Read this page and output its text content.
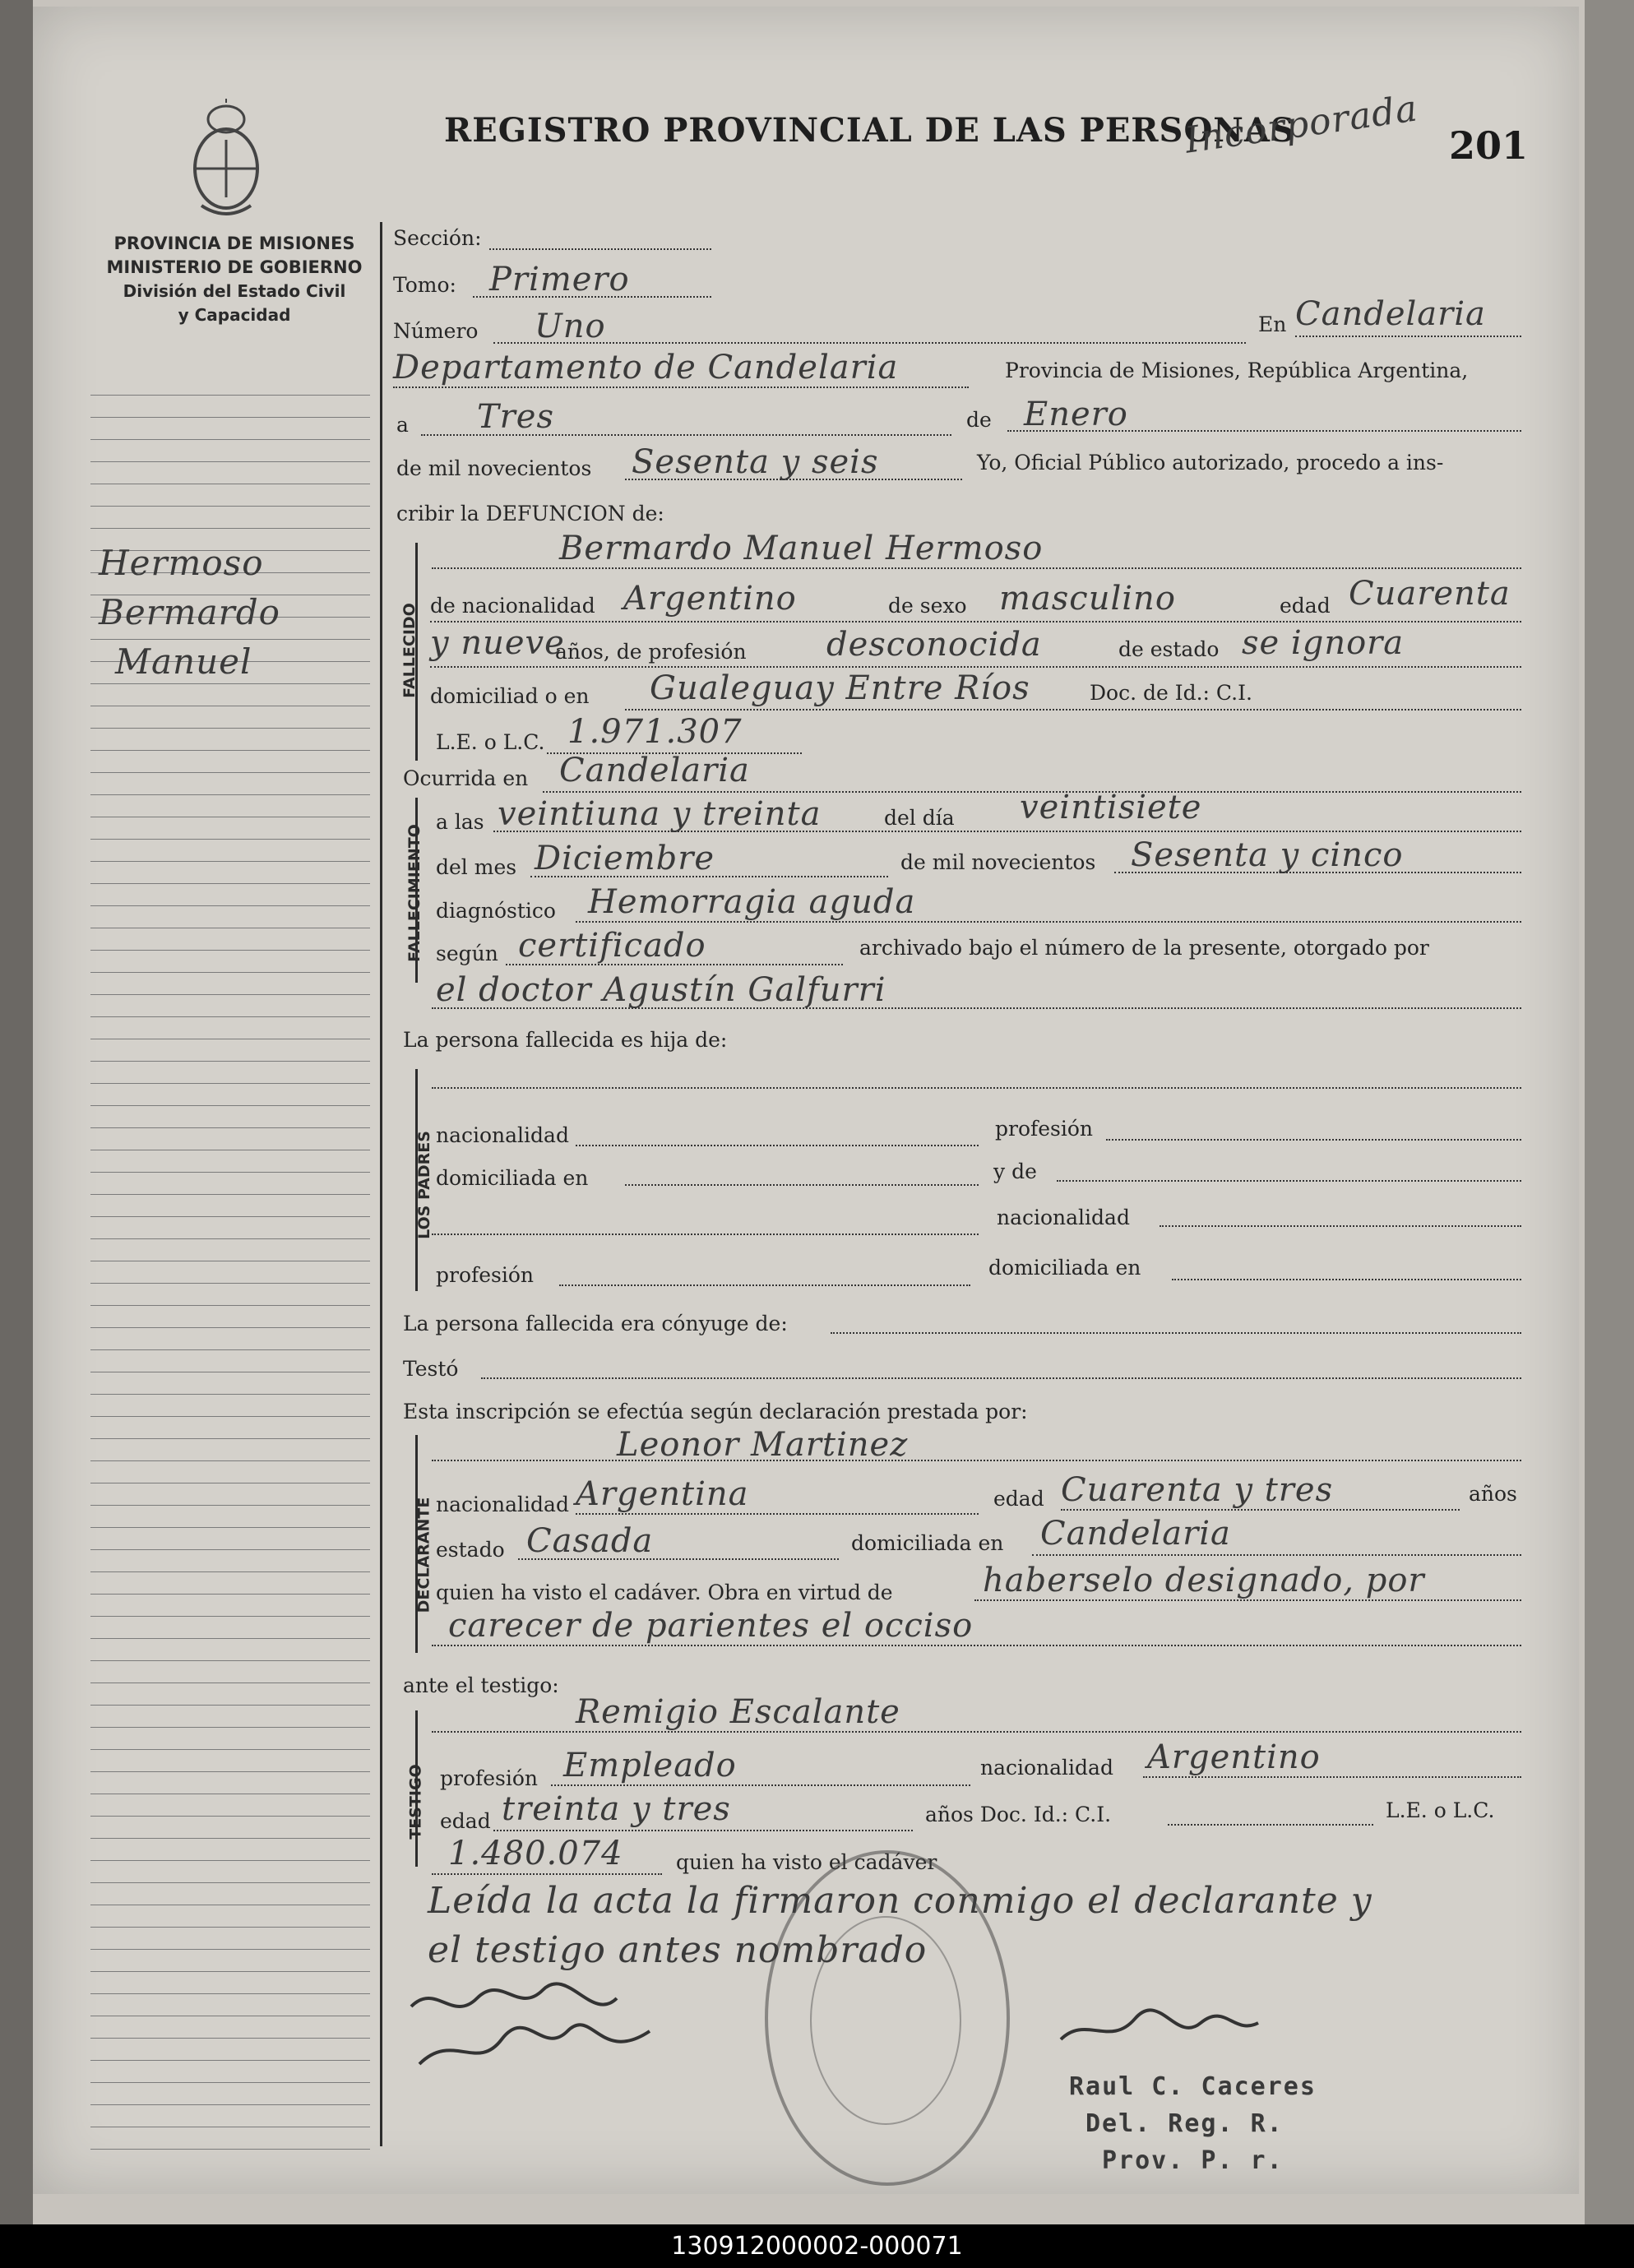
PROVINCIA DE MISIONES
MINISTERIO DE GOBIERNO
División del Estado Civil
y Capacidad
REGISTRO PROVINCIAL DE LAS PERSONAS	201
Incorporada
Hermoso
Bermardo
Manuel
Sección:
Tomo: Primero
Número Uno	En Candelaria
Departamento de Candelaria	Provincia de Misiones, República Argentina,
a Tres	de Enero
de mil novecientos Sesenta y seis	Yo, Oficial Público autorizado, procedo a ins-
cribir la DEFUNCION de:
FALLECIDO
Bermardo Manuel Hermoso
de nacionalidad Argentino	de sexo masculino	edad Cuarenta
y nueve
años, de profesión desconocida	de estado se ignora
domiciliad o en Gualeguay Entre Ríos	Doc. de Id.: C.I.
L.E. o L.C. 1.971.307
Ocurrida en Candelaria
FALLECIMIENTO
a las veintiuna y treinta	del día veintisiete
del mes Diciembre	de mil novecientos Sesenta y cinco
diagnóstico Hemorragia aguda
según certificado	archivado bajo el número de la presente, otorgado por
el doctor Agustín Galfurri
La persona fallecida es hija de:
LOS PADRES nacionalidad	profesión
domiciliada en	y de
nacionalidad
profesión	domiciliada en
La persona fallecida era cónyuge de:
Testó
Esta inscripción se efectúa según declaración prestada por:
DECLARANTE
Leonor Martinez
nacionalidad Argentina	edad Cuarenta y tres	años
estado Casada	domiciliada en Candelaria
quien ha visto el cadáver. Obra en virtud de	haberselo designado, por
carecer de parientes el occiso
ante el testigo:
TESTIGO
Remigio Escalante
profesión Empleado	nacionalidad Argentino
edad treinta y tres	años Doc. Id.: C.I.	L.E. o L.C.
1.480.074	quien ha visto el cadáver
Leída la acta la firmaron conmigo el declarante y
el testigo antes nombrado
Raul C. Caceres
Del. Reg. R.
Prov. P. r.
130912000002-000071
